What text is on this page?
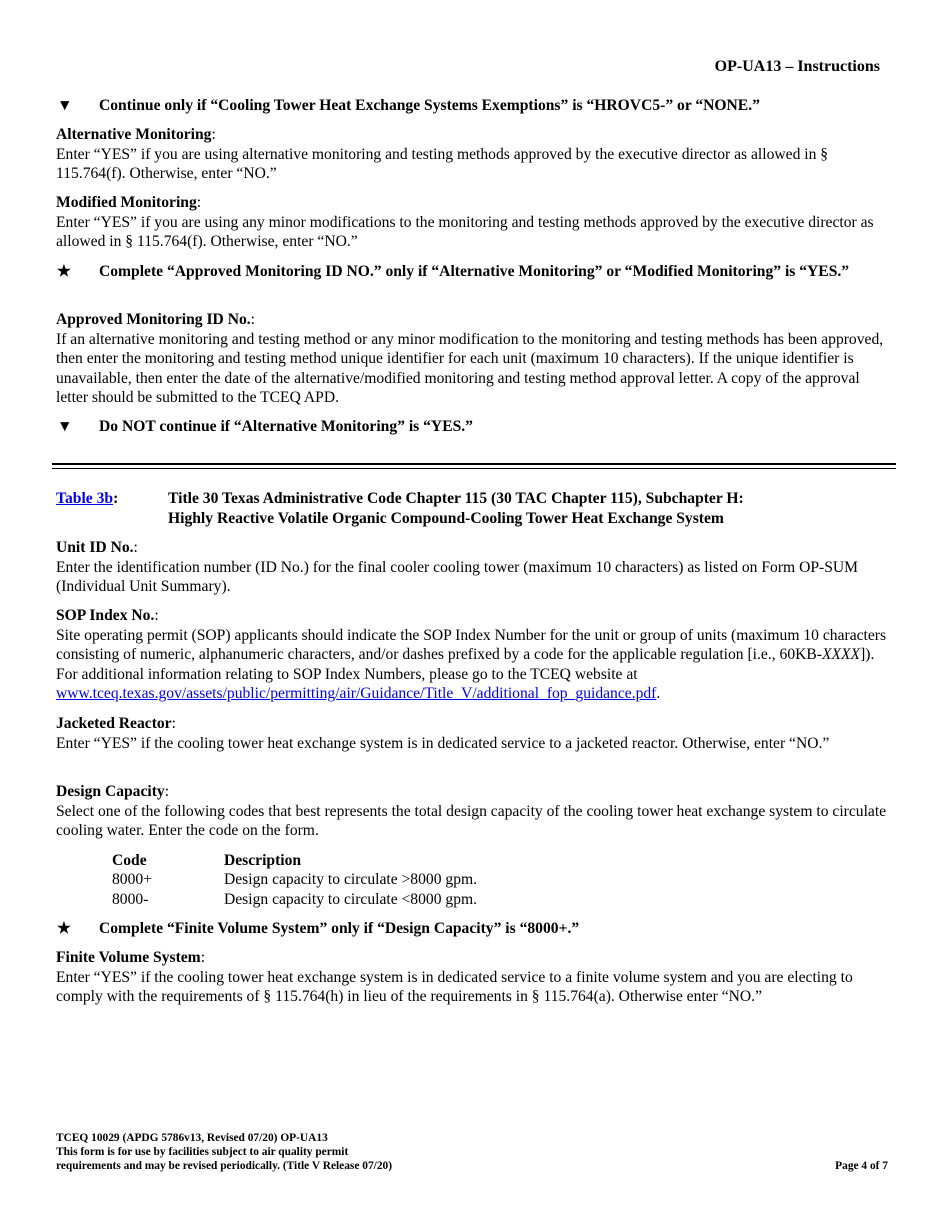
OP-UA13 – Instructions
▼	Continue only if “Cooling Tower Heat Exchange Systems Exemptions” is “HROVC5-” or “NONE.”

Alternative Monitoring:

Enter “YES” if you are using alternative monitoring and testing methods approved by the executive director as allowed in § 115.764(f). Otherwise, enter “NO.”

Modified Monitoring:

Enter “YES” if you are using any minor modifications to the monitoring and testing methods approved by the executive director as allowed in § 115.764(f). Otherwise, enter “NO.”

★	Complete “Approved Monitoring ID NO.” only if “Alternative Monitoring” or “Modified Monitoring” is “YES.”

Approved Monitoring ID No.:

If an alternative monitoring and testing method or any minor modification to the monitoring and testing methods has been approved, then enter the monitoring and testing method unique identifier for each unit (maximum 10 characters). If the unique identifier is unavailable, then enter the date of the alternative/modified monitoring and testing method approval letter. A copy of the approval letter should be submitted to the TCEQ APD.

▼	Do NOT continue if “Alternative Monitoring” is “YES.”
Table 3b:	Title 30 Texas Administrative Code Chapter 115 (30 TAC Chapter 115), Subchapter H:
Highly Reactive Volatile Organic Compound-Cooling Tower Heat Exchange System

Unit ID No.:

Enter the identification number (ID No.) for the final cooler cooling tower (maximum 10 characters) as listed on Form OP-SUM (Individual Unit Summary).

SOP Index No.:

Site operating permit (SOP) applicants should indicate the SOP Index Number for the unit or group of units (maximum 10 characters consisting of numeric, alphanumeric characters, and/or dashes prefixed by a code for the applicable regulation [i.e., 60KB-XXXX]). For additional information relating to SOP Index Numbers, please go to the TCEQ website at www.tceq.texas.gov/assets/public/permitting/air/Guidance/Title_V/additional_fop_guidance.pdf.

Jacketed Reactor:

Enter “YES” if the cooling tower heat exchange system is in dedicated service to a jacketed reactor. Otherwise, enter “NO.”

Design Capacity:

Select one of the following codes that best represents the total design capacity of the cooling tower heat exchange system to circulate cooling water. Enter the code on the form.

Code	Description
8000+	Design capacity to circulate >8000 gpm.
8000-	Design capacity to circulate <8000 gpm.
★	Complete “Finite Volume System” only if “Design Capacity” is “8000+.”

Finite Volume System:

Enter “YES” if the cooling tower heat exchange system is in dedicated service to a finite volume system and you are electing to comply with the requirements of § 115.764(h) in lieu of the requirements in § 115.764(a). Otherwise enter “NO.”

TCEQ 10029 (APDG 5786v13, Revised 07/20) OP-UA13
This form is for use by facilities subject to air quality permit
requirements and may be revised periodically. (Title V Release 07/20)	Page 4 of 7
